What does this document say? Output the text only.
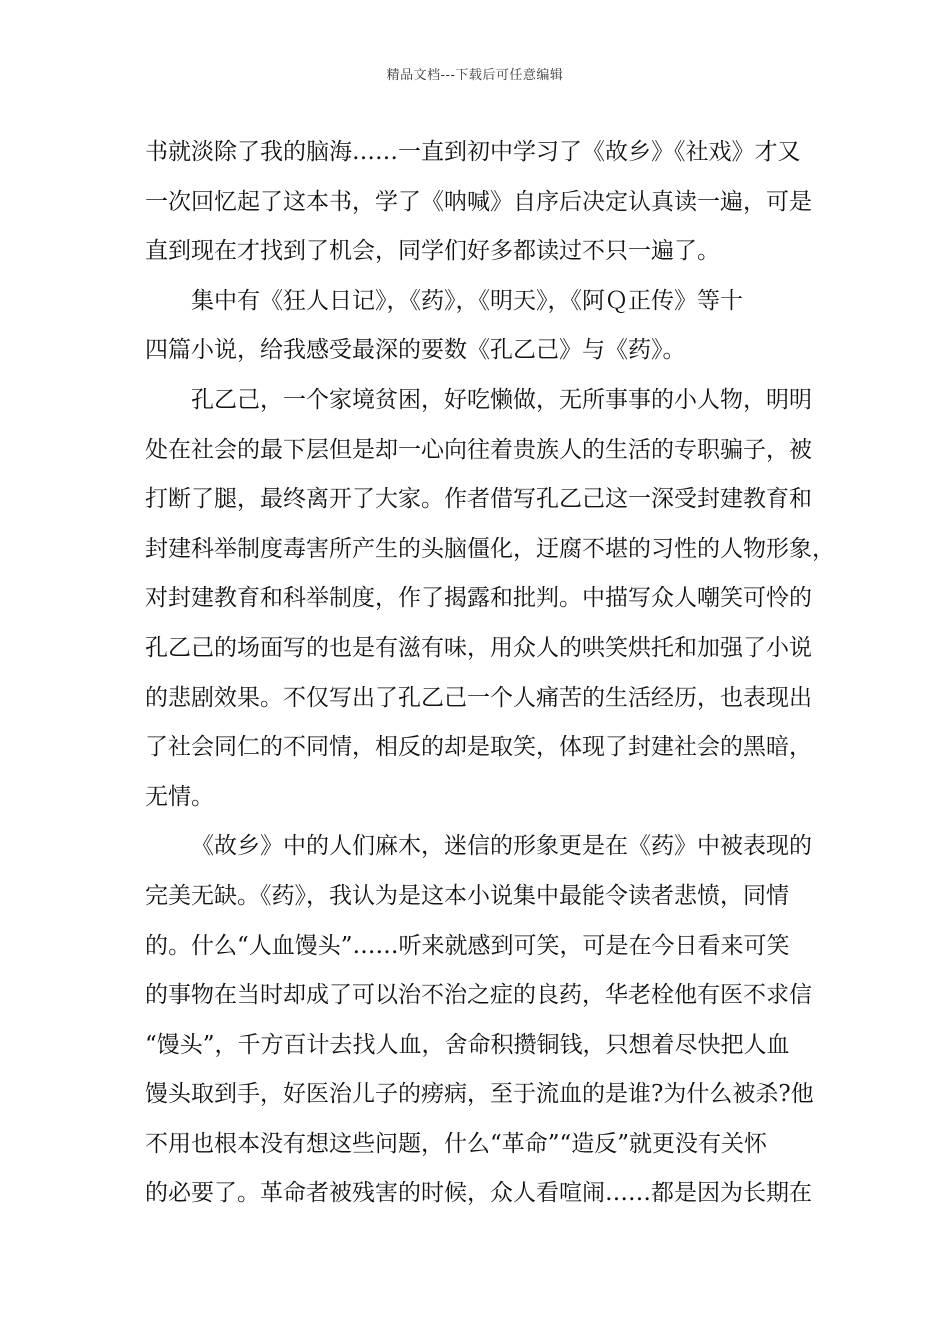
精品文档---下载后可任意编辑
书就淡除了我的脑海……一直到初中学习了《故乡》《社戏》才又
一次回忆起了这本书，学了《呐喊》自序后决定认真读一遍，可是
直到现在才找到了机会，同学们好多都读过不只一遍了。
集中有《狂人日记》，《药》，《明天》，《阿Ｑ正传》等十
四篇小说，给我感受最深的要数《孔乙己》与《药》。
孔乙己，一个家境贫困，好吃懒做，无所事事的小人物，明明
处在社会的最下层但是却一心向往着贵族人的生活的专职骗子，被
打断了腿，最终离开了大家。作者借写孔乙己这一深受封建教育和
封建科举制度毒害所产生的头脑僵化，迂腐不堪的习性的人物形象，
对封建教育和科举制度，作了揭露和批判。中描写众人嘲笑可怜的
孔乙己的场面写的也是有滋有味，用众人的哄笑烘托和加强了小说
的悲剧效果。不仅写出了孔乙己一个人痛苦的生活经历，也表现出
了社会同仁的不同情，相反的却是取笑，体现了封建社会的黑暗，
无情。
《故乡》中的人们麻木，迷信的形象更是在《药》中被表现的
完美无缺。《药》，我认为是这本小说集中最能令读者悲愤，同情
的。什么“人血馒头”……听来就感到可笑，可是在今日看来可笑
的事物在当时却成了可以治不治之症的良药，华老栓他有医不求信
“馒头”，千方百计去找人血，舍命积攒铜钱，只想着尽快把人血
馒头取到手，好医治儿子的痨病，至于流血的是谁?为什么被杀?他
不用也根本没有想这些问题，什么“革命”“造反”就更没有关怀
的必要了。革命者被残害的时候，众人看喧闹……都是因为长期在
